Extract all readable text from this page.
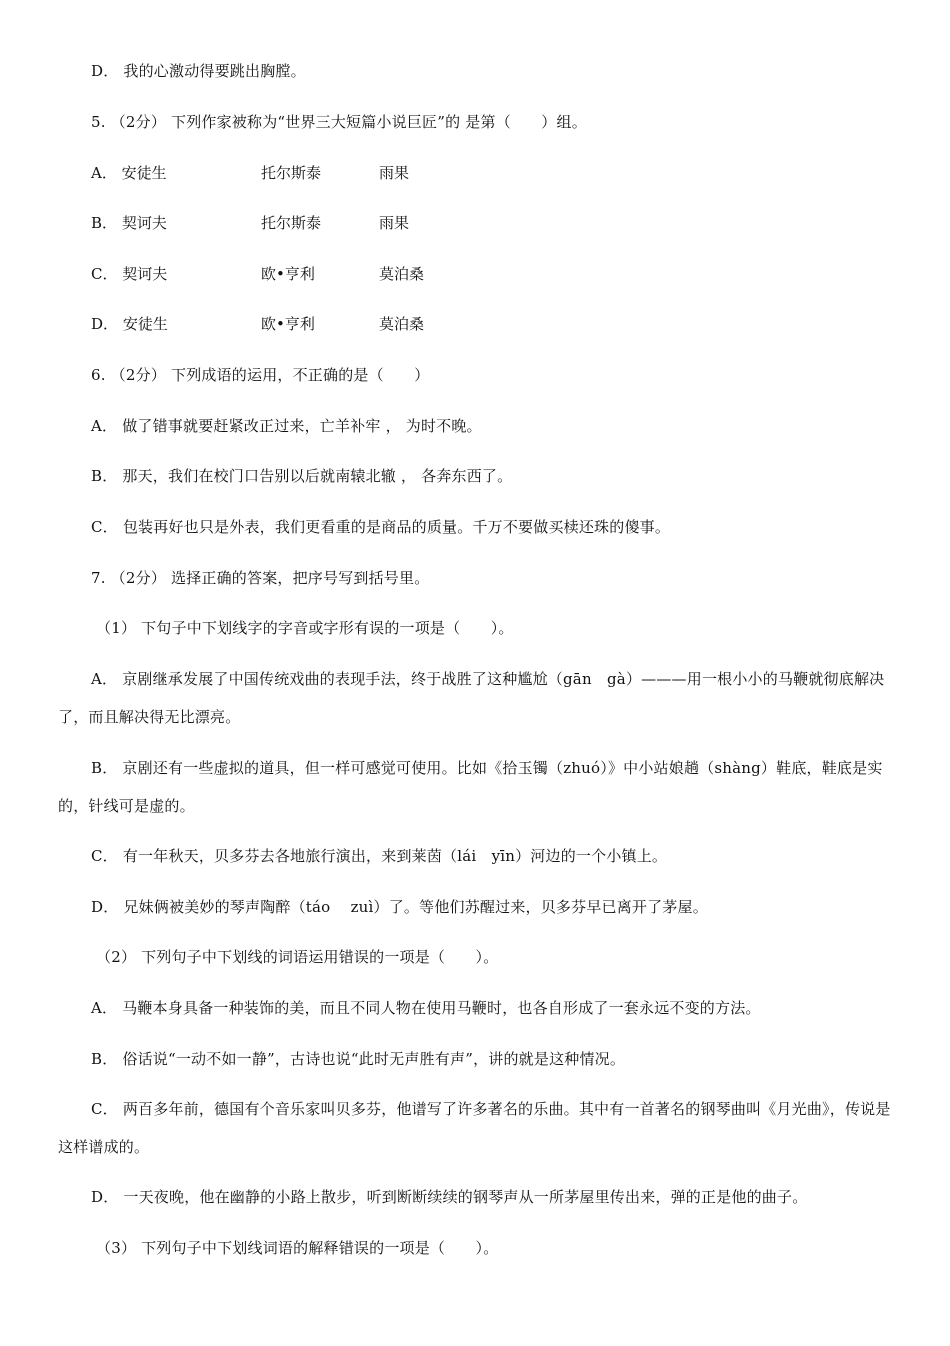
D． 我的心激动得要跳出胸膛。
5. （2分） 下列作家被称为“世界三大短篇小说巨匠”的 是第（　　）组。
A． 安徒生	托尔斯泰	雨果
B． 契诃夫	托尔斯泰	雨果
C． 契诃夫	欧•亨利	莫泊桑
D． 安徒生	欧•亨利	莫泊桑
6. （2分） 下列成语的运用，不正确的是（　　）
A． 做了错事就要赶紧改正过来，亡羊补牢 ， 为时不晚。
B． 那天，我们在校门口告别以后就南辕北辙 ， 各奔东西了。
C． 包装再好也只是外表，我们更看重的是商品的质量。千万不要做买椟还珠的傻事。
7. （2分） 选择正确的答案，把序号写到括号里。
（1） 下句子中下划线字的字音或字形有误的一项是（　　）。
A． 京剧继承发展了中国传统戏曲的表现手法，终于战胜了这种尴尬（gān　gà）———用一根小小的马鞭就彻底解决了，而且解决得无比漂亮。
B． 京剧还有一些虚拟的道具，但一样可感觉可使用。比如《拾玉镯（zhuó）》中小站娘趟（shàng）鞋底，鞋底是实的，针线可是虚的。
C． 有一年秋天，贝多芬去各地旅行演出，来到莱茵（lái　yīn）河边的一个小镇上。
D． 兄妹俩被美妙的琴声陶醉（táo　 zuì）了。等他们苏醒过来，贝多芬早已离开了茅屋。
（2） 下列句子中下划线的词语运用错误的一项是（　　）。
A． 马鞭本身具备一种装饰的美，而且不同人物在使用马鞭时，也各自形成了一套永远不变的方法。
B． 俗话说“一动不如一静”，古诗也说“此时无声胜有声”，讲的就是这种情况。
C． 两百多年前，德国有个音乐家叫贝多芬，他谱写了许多著名的乐曲。其中有一首著名的钢琴曲叫《月光曲》，传说是这样谱成的。
D． 一天夜晚，他在幽静的小路上散步，听到断断续续的钢琴声从一所茅屋里传出来，弹的正是他的曲子。
（3） 下列句子中下划线词语的解释错误的一项是（　　）。
